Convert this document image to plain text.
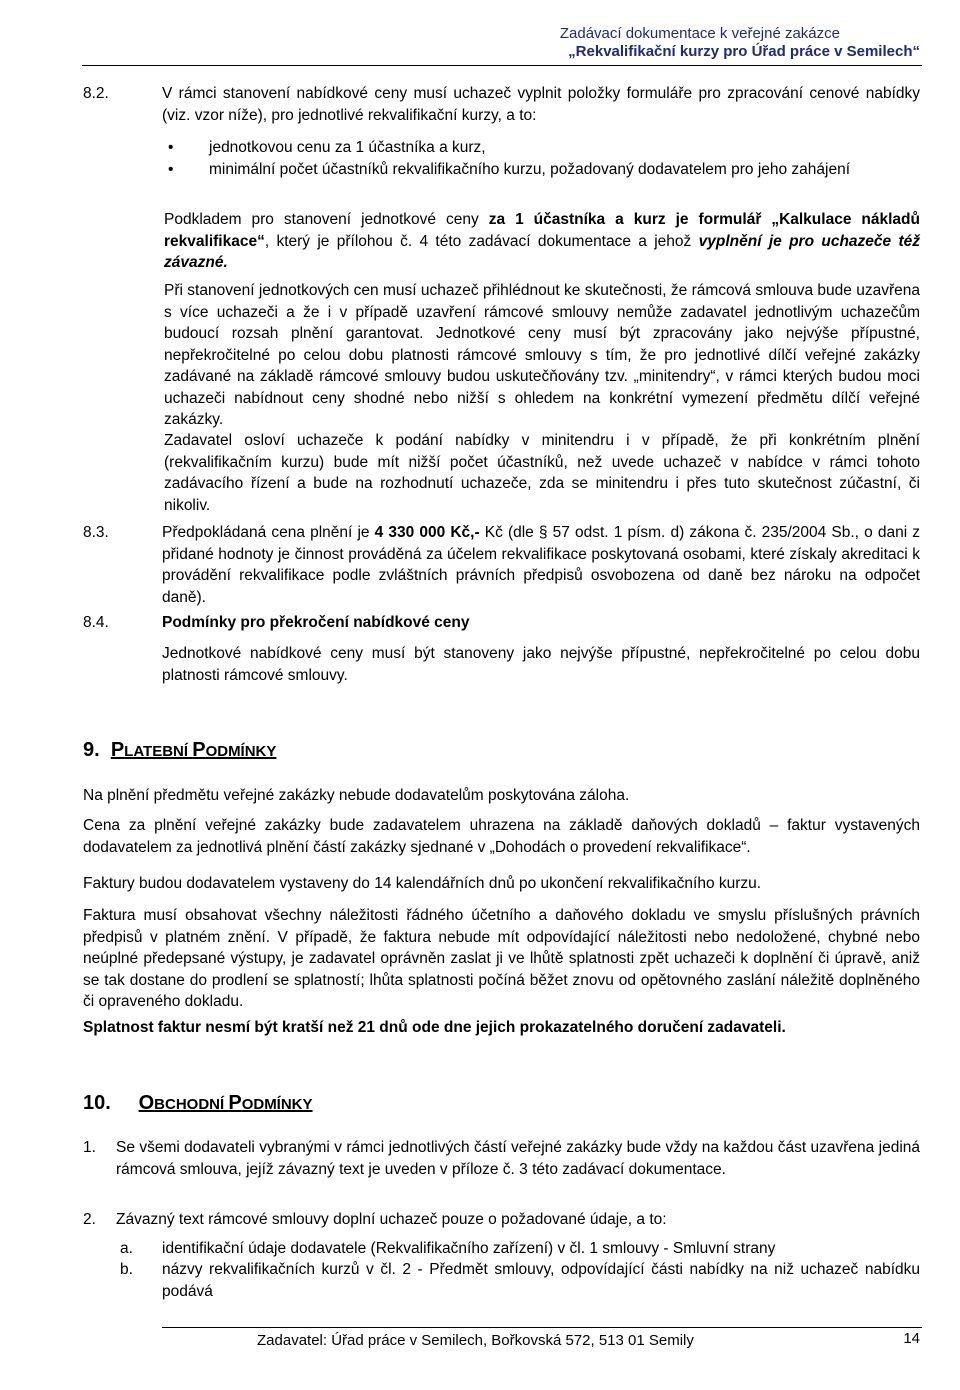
Zadávací dokumentace k veřejné zakázce
„Rekvalifikační kurzy pro Úřad práce v Semilech“
8.2.	V rámci stanovení nabídkové ceny musí uchazeč vyplnit položky formuláře pro zpracování cenové nabídky (viz. vzor níže), pro jednotlivé rekvalifikační kurzy, a to:
• jednotkovou cenu za 1 účastníka a kurz,
• minimální počet účastníků rekvalifikačního kurzu, požadovaný dodavatelem pro jeho zahájení
Podkladem pro stanovení jednotkové ceny za 1 účastníka a kurz je formulář „Kalkulace nákladů rekvalifikace“, který je přílohou č. 4 této zadávací dokumentace a jehož vyplnění je pro uchazeče též závazné.
Při stanovení jednotkových cen musí uchazeč přihlédnout ke skutečnosti, že rámcová smlouva bude uzavřena s více uchazeči a že i v případě uzavření rámcové smlouvy nemůže zadavatel jednotlivým uchazečům budoucí rozsah plnění garantovat. Jednotkové ceny musí být zpracovány jako nejvýše přípustné, nepřekročitelné po celou dobu platnosti rámcové smlouvy s tím, že pro jednotlivé dílčí veřejné zakázky zadávané na základě rámcové smlouvy budou uskutečňovány tzv. „minitendry“, v rámci kterých budou moci uchazeči nabídnout ceny shodné nebo nižší s ohledem na konkrétní vymezení předmětu dílčí veřejné zakázky.
Zadavatel osloví uchazeče k podání nabídky v minitendru i v případě, že při konkrétním plnění (rekvalifikačním kurzu) bude mít nižší počet účastníků, než uvede uchazeč v nabídce v rámci tohoto zadávacího řízení a bude na rozhodnutí uchazeče, zda se minitendru i přes tuto skutečnost zúčastní, či nikoliv.
8.3.	Předpokládaná cena plnění je 4 330 000 Kč,- Kč (dle § 57 odst. 1 písm. d) zákona č. 235/2004 Sb., o dani z přidané hodnoty je činnost prováděná za účelem rekvalifikace poskytovaná osobami, které získaly akreditaci k provádění rekvalifikace podle zvláštních právních předpisů osvobozena od daně bez nároku na odpočet daně).
8.4.	Podmínky pro překročení nabídkové ceny
Jednotkové nabídkové ceny musí být stanoveny jako nejvýše přípustné, nepřekročitelné po celou dobu platnosti rámcové smlouvy.
9. PLATEBNÍ PODMÍNKY
Na plnění předmětu veřejné zakázky nebude dodavatelům poskytována záloha.
Cena za plnění veřejné zakázky bude zadavatelem uhrazena na základě daňových dokladů – faktur vystavených dodavatelem za jednotlivá plnění částí zakázky sjednané v „Dohodách o provedení rekvalifikace“.
Faktury budou dodavatelem vystaveny do 14 kalendářních dnů po ukončení rekvalifikačního kurzu.
Faktura musí obsahovat všechny náležitosti řádného účetního a daňového dokladu ve smyslu příslušných právních předpisů v platném znění. V případě, že faktura nebude mít odpovídající náležitosti nebo nedoložené, chybné nebo neúplné předepsané výstupy, je zadavatel oprávněn zaslat ji ve lhůtě splatnosti zpět uchazeči k doplnění či úpravě, aniž se tak dostane do prodlení se splatností; lhůta splatnosti počíná běžet znovu od opětovného zaslání náležitě doplněného či opraveného dokladu.
Splatnost faktur nesmí být kratší než 21 dnů ode dne jejich prokazatelného doručení zadavateli.
10. OBCHODNÍ PODMÍNKY
1. Se všemi dodavateli vybranými v rámci jednotlivých částí veřejné zakázky bude vždy na každou část uzavřena jediná rámcová smlouva, jejíž závazný text je uveden v příloze č. 3 této zadávací dokumentace.
2. Závazný text rámcové smlouvy doplní uchazeč pouze o požadované údaje, a to:
a. identifikační údaje dodavatele (Rekvalifikačního zařízení) v čl. 1 smlouvy - Smluvní strany
b. názvy rekvalifikačních kurzů v čl. 2 - Předmět smlouvy, odpovídající části nabídky na niž uchazeč nabídku podává
Zadavatel: Úřad práce v Semilech, Bořkovská 572, 513 01 Semily	14
